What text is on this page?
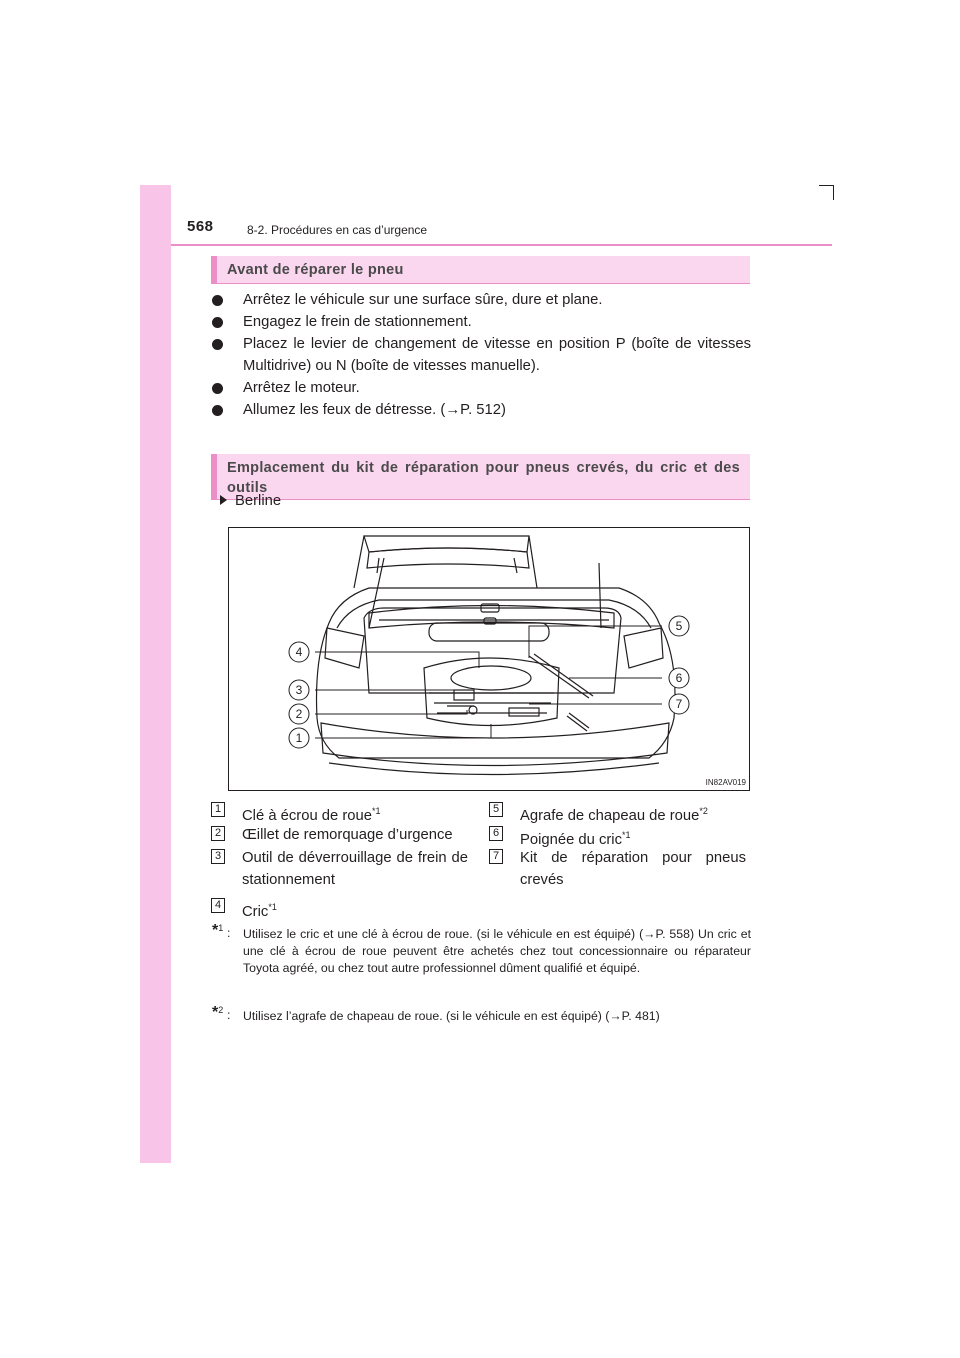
568	8-2. Procédures en cas d’urgence
Avant de réparer le pneu

Arrêtez le véhicule sur une surface sûre, dure et plane.

Engagez le frein de stationnement.

Placez le levier de changement de vitesse en position P (boîte de vitesses Multidrive) ou N (boîte de vitesses manuelle).

Arrêtez le moteur.

Allumez les feux de détresse. (→P. 512)

Emplacement du kit de réparation pour pneus crevés, du cric et des
outils
Berline
4
3
2
1
5
6
7
IN82AV019
1 Clé à écrou de roue$^{*1}$
2 Œillet de remorquage d’urgence
3 Outil de déverrouillage de frein de stationnement
4 Cric$^{*1}$
5 Agrafe de chapeau de roue$^{*2}$
6 Poignée du cric$^{*1}$
7 Kit de réparation pour pneus crevés
*$^1$ : Utilisez le cric et une clé à écrou de roue. (si le véhicule en est équipé) (→P. 558) Un cric et une clé à écrou de roue peuvent être achetés chez tout concessionnaire ou réparateur Toyota agréé, ou chez tout autre professionnel dûment qualifié et équipé.
*$^2$ : Utilisez l’agrafe de chapeau de roue. (si le véhicule en est équipé) (→P. 481)
